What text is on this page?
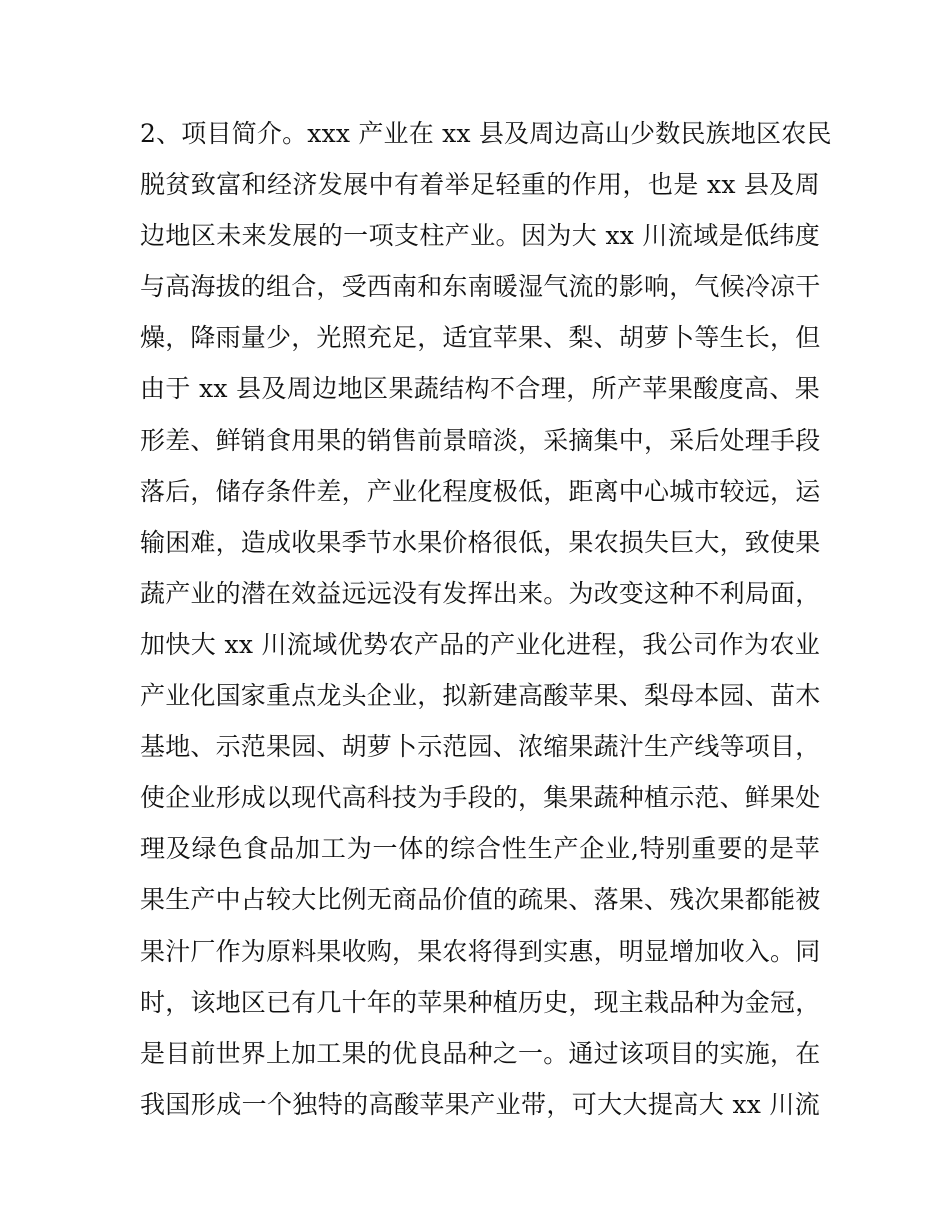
2、项目简介。xxx 产业在 xx 县及周边高山少数民族地区农民
脱贫致富和经济发展中有着举足轻重的作用，也是 xx 县及周
边地区未来发展的一项支柱产业。因为大 xx 川流域是低纬度
与高海拔的组合，受西南和东南暖湿气流的影响，气候冷凉干
燥，降雨量少，光照充足，适宜苹果、梨、胡萝卜等生长，但
由于 xx 县及周边地区果蔬结构不合理，所产苹果酸度高、果
形差、鲜销食用果的销售前景暗淡，采摘集中，采后处理手段
落后，储存条件差，产业化程度极低，距离中心城市较远，运
输困难，造成收果季节水果价格很低，果农损失巨大，致使果
蔬产业的潜在效益远远没有发挥出来。为改变这种不利局面，
加快大 xx 川流域优势农产品的产业化进程，我公司作为农业
产业化国家重点龙头企业，拟新建高酸苹果、梨母本园、苗木
基地、示范果园、胡萝卜示范园、浓缩果蔬汁生产线等项目，
使企业形成以现代高科技为手段的，集果蔬种植示范、鲜果处
理及绿色食品加工为一体的综合性生产企业,特别重要的是苹
果生产中占较大比例无商品价值的疏果、落果、残次果都能被
果汁厂作为原料果收购，果农将得到实惠，明显增加收入。同
时，该地区已有几十年的苹果种植历史，现主栽品种为金冠，
是目前世界上加工果的优良品种之一。通过该项目的实施，在
我国形成一个独特的高酸苹果产业带，可大大提高大 xx 川流
